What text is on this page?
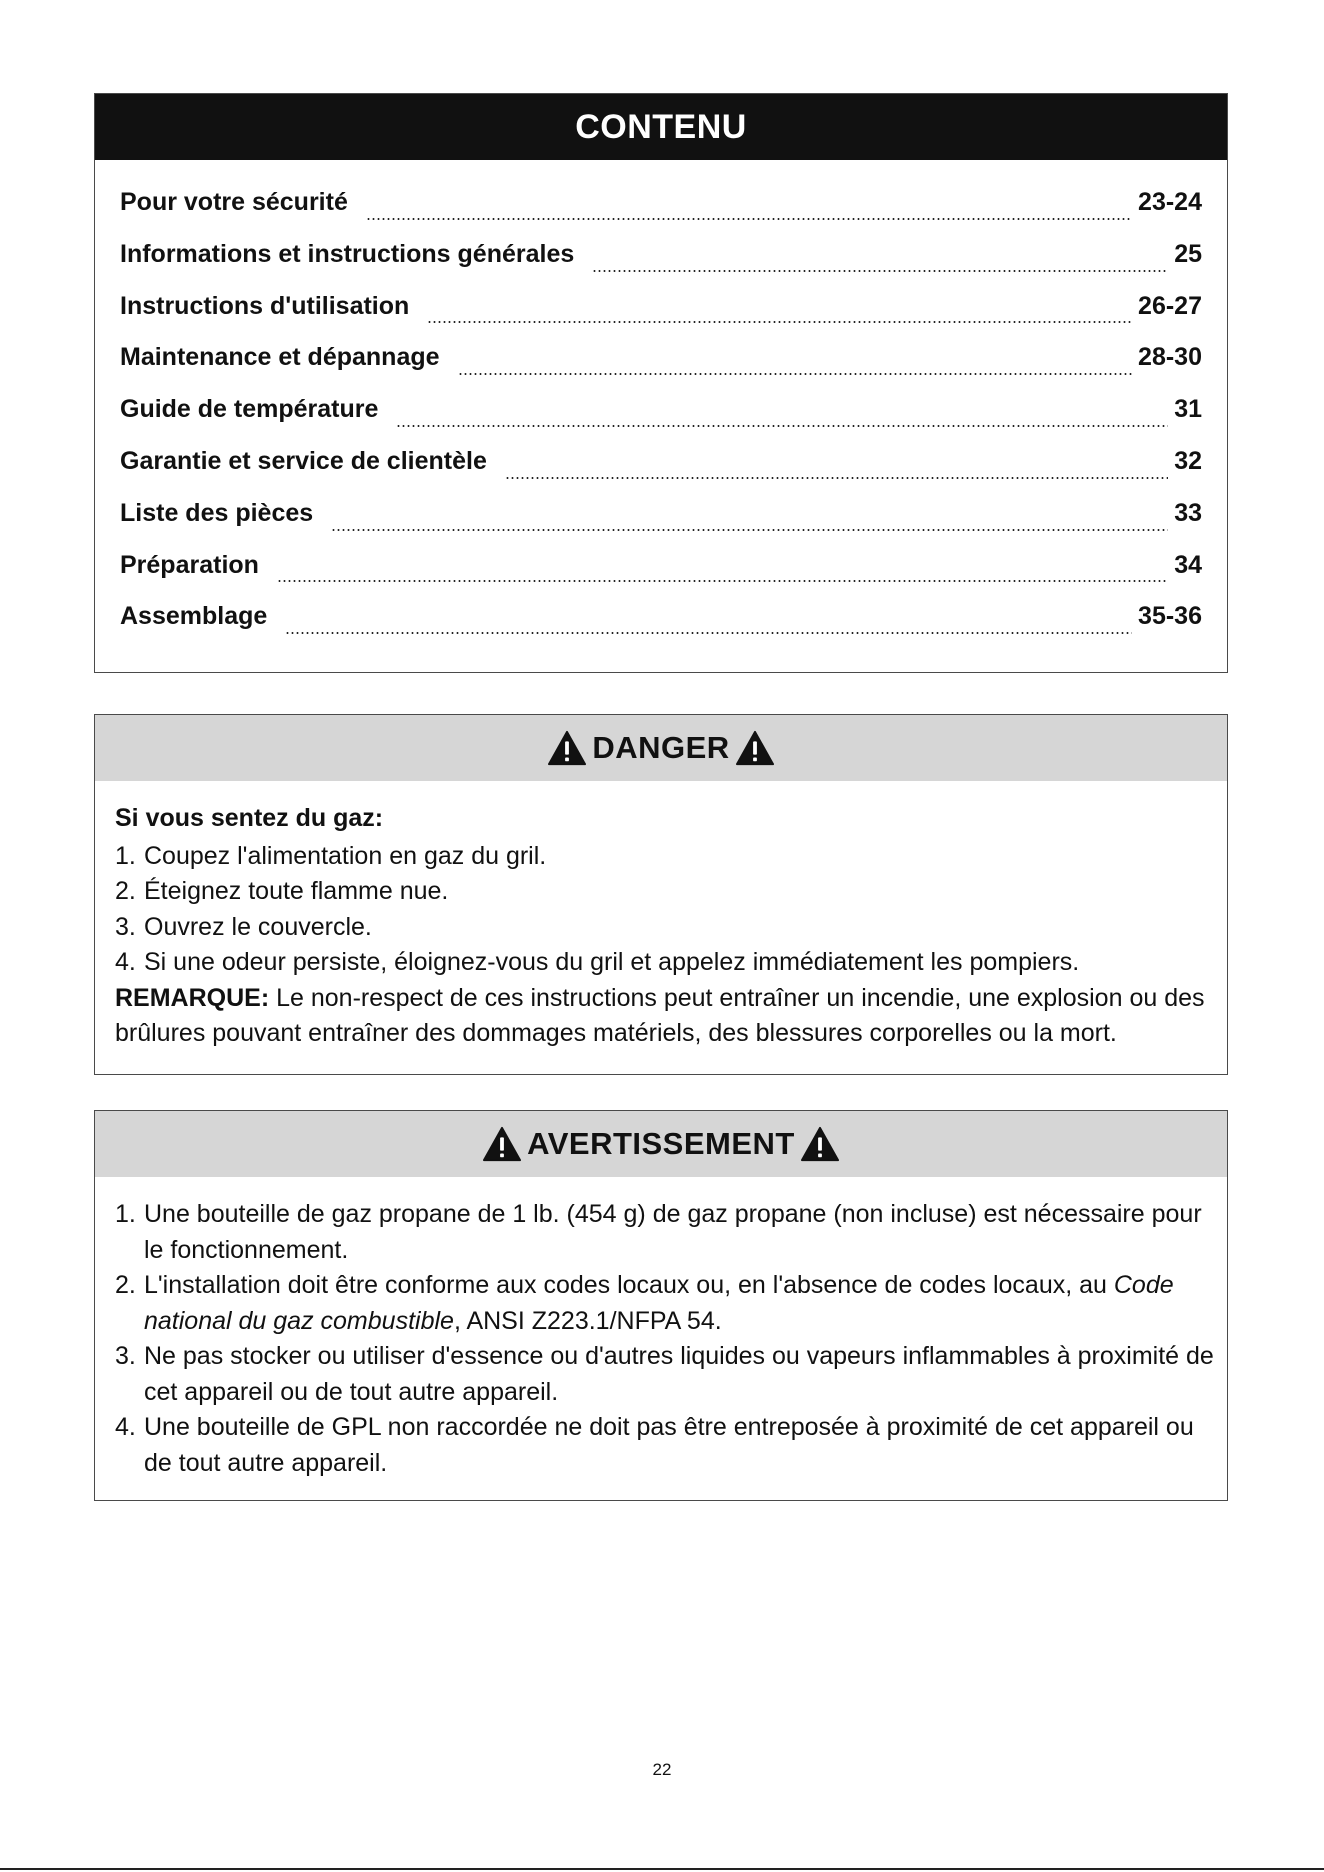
CONTENU
Pour votre sécurité	23-24
Informations et instructions générales	25
Instructions d'utilisation	26-27
Maintenance et dépannage	28-30
Guide de température	31
Garantie et service de clientèle	32
Liste des pièces	33
Préparation	34
Assemblage	35-36
DANGER
Si vous sentez du gaz:
1. Coupez l'alimentation en gaz du gril.
2. Éteignez toute flamme nue.
3. Ouvrez le couvercle.
4. Si une odeur persiste, éloignez-vous du gril et appelez immédiatement les pompiers.
REMARQUE: Le non-respect de ces instructions peut entraîner un incendie, une explosion ou des brûlures pouvant entraîner des dommages matériels, des blessures corporelles ou la mort.
AVERTISSEMENT
1. Une bouteille de gaz propane de 1 lb. (454 g) de gaz propane (non incluse) est nécessaire pour le fonctionnement.
2. L'installation doit être conforme aux codes locaux ou, en l'absence de codes locaux, au Code national du gaz combustible, ANSI Z223.1/NFPA 54.
3. Ne pas stocker ou utiliser d'essence ou d'autres liquides ou vapeurs inflammables à proximité de cet appareil ou de tout autre appareil.
4. Une bouteille de GPL non raccordée ne doit pas être entreposée à proximité de cet appareil ou de tout autre appareil.
22
